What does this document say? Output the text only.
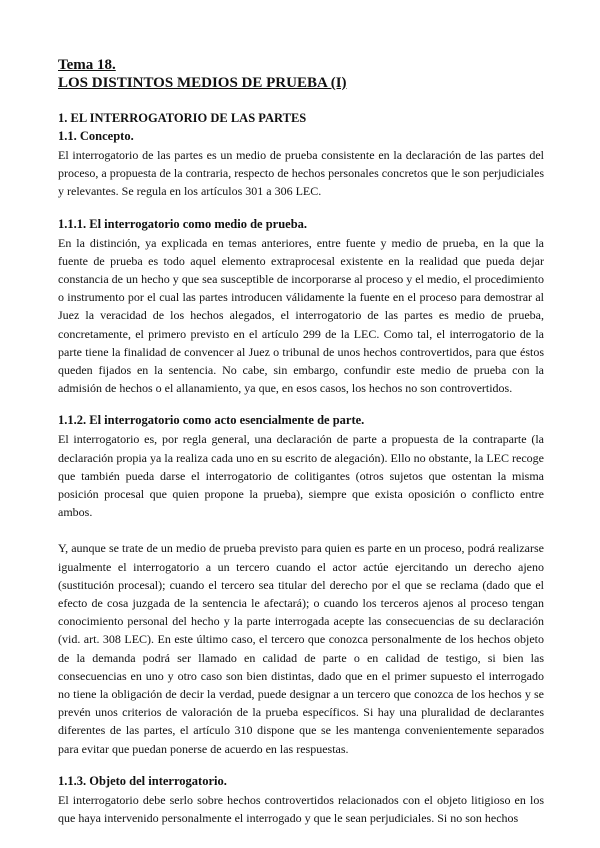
Tema 18.

LOS DISTINTOS MEDIOS DE PRUEBA (I)

1. EL INTERROGATORIO DE LAS PARTES
1.1. Concepto.

El interrogatorio de las partes es un medio de prueba consistente en la declaración de las partes del proceso, a propuesta de la contraria, respecto de hechos personales concretos que le son perjudiciales y relevantes. Se regula en los artículos 301 a 306 LEC.

1.1.1. El interrogatorio como medio de prueba.

En la distinción, ya explicada en temas anteriores, entre fuente y medio de prueba, en la que la fuente de prueba es todo aquel elemento extraprocesal existente en la realidad que pueda dejar constancia de un hecho y que sea susceptible de incorporarse al proceso y el medio, el procedimiento o instrumento por el cual las partes introducen válidamente la fuente en el proceso para demostrar al Juez la veracidad de los hechos alegados, el interrogatorio de las partes es medio de prueba, concretamente, el primero previsto en el artículo 299 de la LEC. Como tal, el interrogatorio de la parte tiene la finalidad de convencer al Juez o tribunal de unos hechos controvertidos, para que éstos queden fijados en la sentencia. No cabe, sin embargo, confundir este medio de prueba con la admisión de hechos o el allanamiento, ya que, en esos casos, los hechos no son controvertidos.

1.1.2. El interrogatorio como acto esencialmente de parte.

El interrogatorio es, por regla general, una declaración de parte a propuesta de la contraparte (la declaración propia ya la realiza cada uno en su escrito de alegación). Ello no obstante, la LEC recoge que también pueda darse el interrogatorio de colitigantes (otros sujetos que ostentan la misma posición procesal que quien propone la prueba), siempre que exista oposición o conflicto entre ambos.

Y, aunque se trate de un medio de prueba previsto para quien es parte en un proceso, podrá realizarse igualmente el interrogatorio a un tercero cuando el actor actúe ejercitando un derecho ajeno (sustitución procesal); cuando el tercero sea titular del derecho por el que se reclama (dado que el efecto de cosa juzgada de la sentencia le afectará); o cuando los terceros ajenos al proceso tengan conocimiento personal del hecho y la parte interrogada acepte las consecuencias de su declaración (vid. art. 308 LEC). En este último caso, el tercero que conozca personalmente de los hechos objeto de la demanda podrá ser llamado en calidad de parte o en calidad de testigo, si bien las consecuencias en uno y otro caso son bien distintas, dado que en el primer supuesto el interrogado no tiene la obligación de decir la verdad, puede designar a un tercero que conozca de los hechos y se prevén unos criterios de valoración de la prueba específicos. Si hay una pluralidad de declarantes diferentes de las partes, el artículo 310 dispone que se les mantenga convenientemente separados para evitar que puedan ponerse de acuerdo en las respuestas.

1.1.3. Objeto del interrogatorio.

El interrogatorio debe serlo sobre hechos controvertidos relacionados con el objeto litigioso en los que haya intervenido personalmente el interrogado y que le sean perjudiciales. Si no son hechos
